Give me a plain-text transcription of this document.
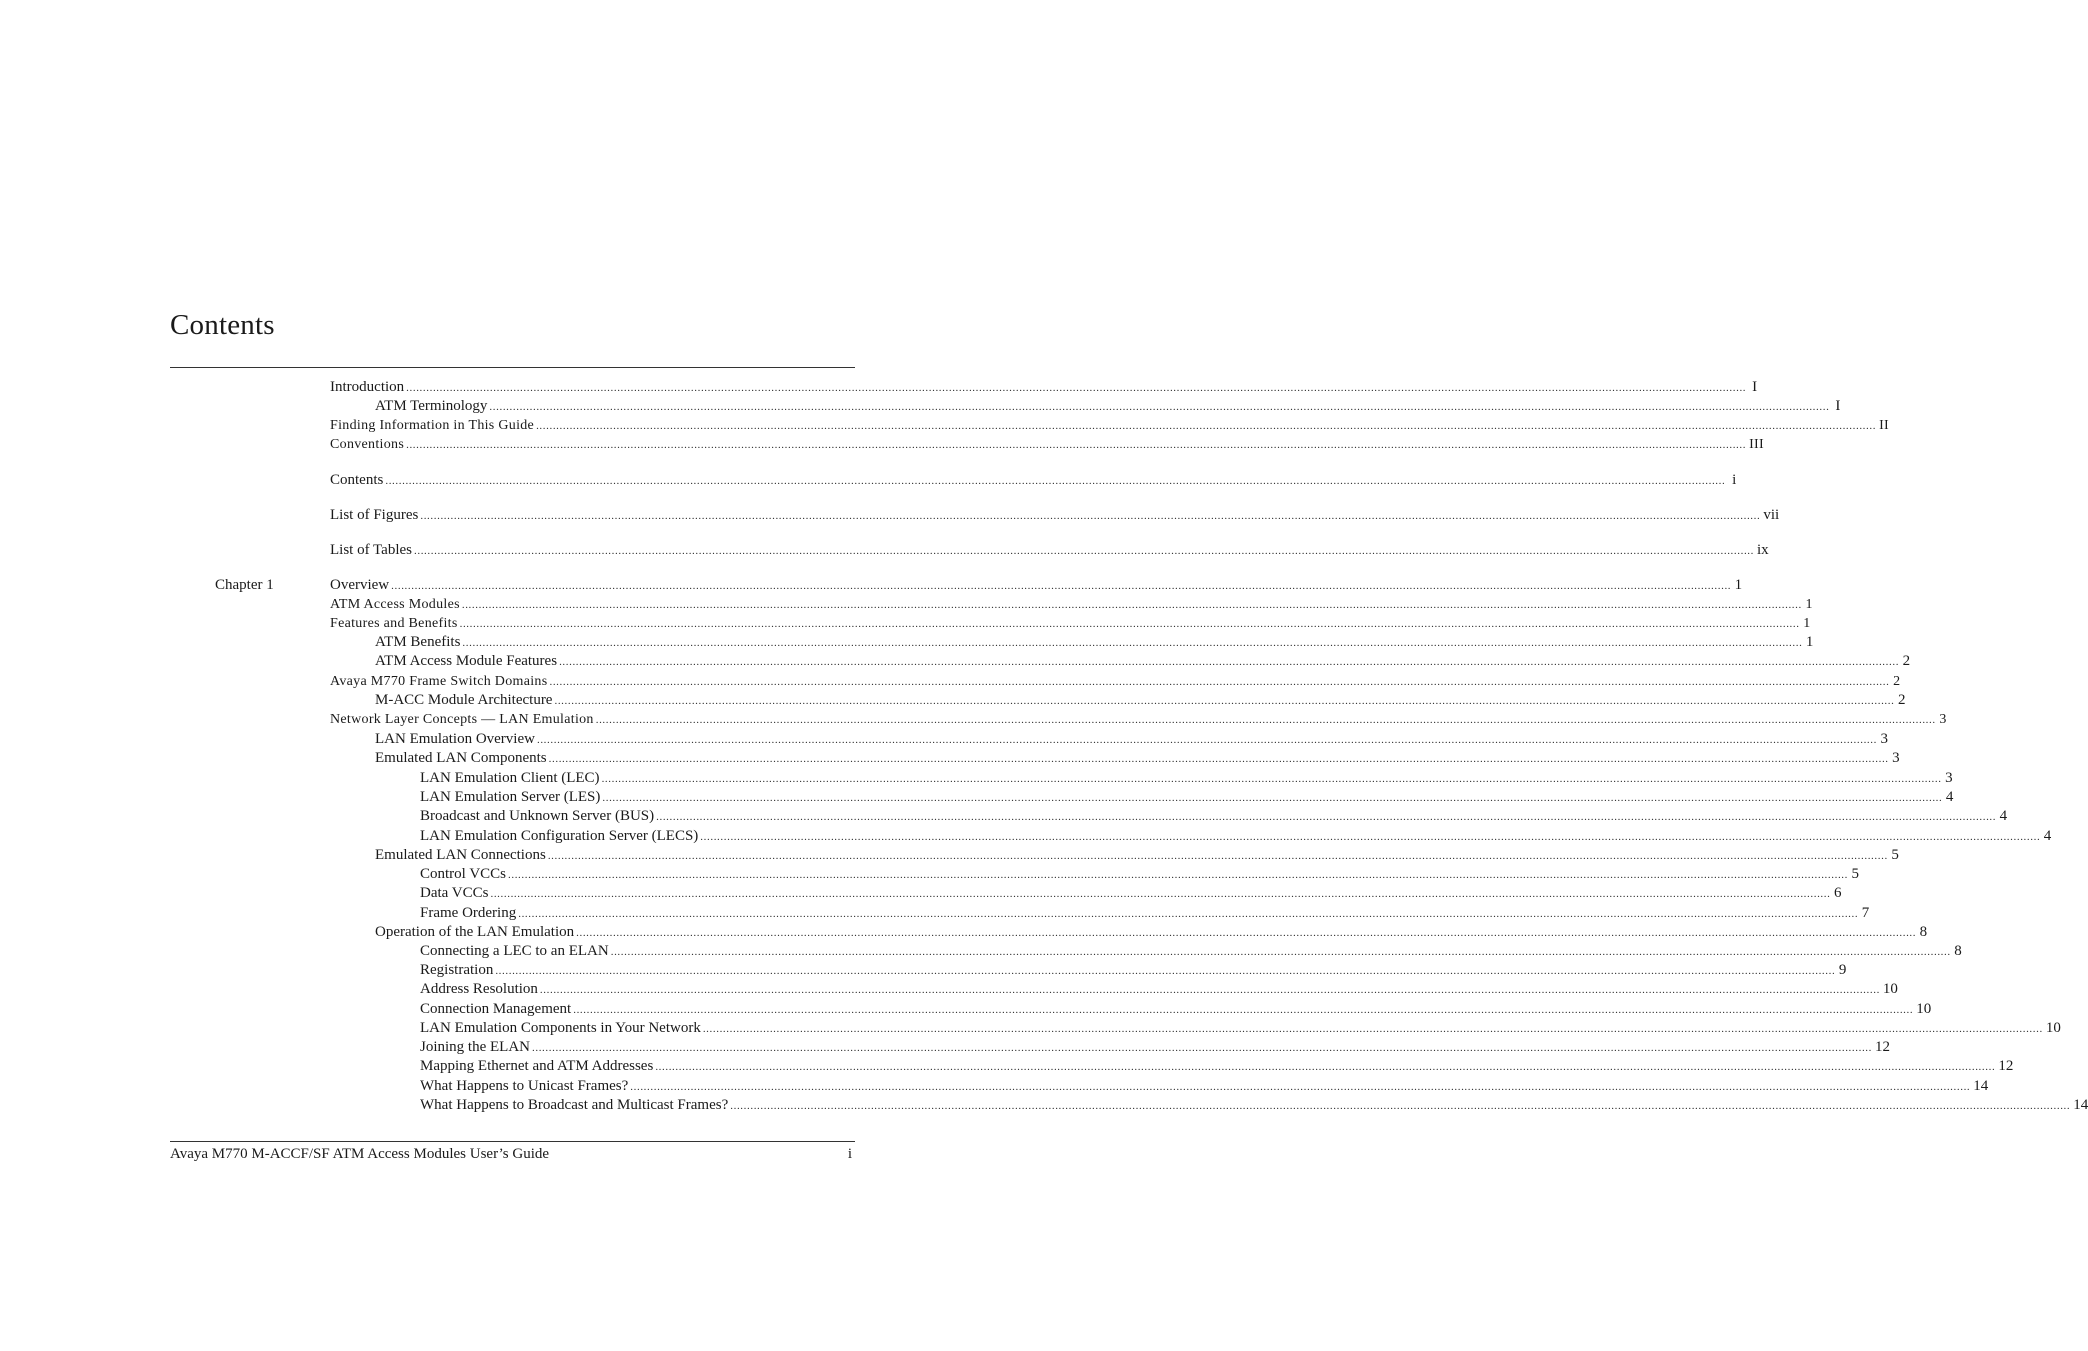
Contents
Introduction ................................................................................................................................................................................................................................................................................................................................................................................................................ I
ATM Terminology ................................................................................................................................................................................................................................................................................................................................................................................................................ I
Finding Information in This Guide ................................................................................................................................................................................................................................................................................................................................................................................................................ II
Conventions ................................................................................................................................................................................................................................................................................................................................................................................................................ III
Contents ................................................................................................................................................................................................................................................................................................................................................................................................................ i
List of Figures ................................................................................................................................................................................................................................................................................................................................................................................................................ vii
List of Tables ................................................................................................................................................................................................................................................................................................................................................................................................................ ix
Chapter 1	Overview ................................................................................................................................................................................................................................................................................................................................................................................................................ 1
ATM Access Modules ................................................................................................................................................................................................................................................................................................................................................................................................................ 1
Features and Benefits ................................................................................................................................................................................................................................................................................................................................................................................................................ 1
ATM Benefits ................................................................................................................................................................................................................................................................................................................................................................................................................ 1
ATM Access Module Features ................................................................................................................................................................................................................................................................................................................................................................................................................ 2
Avaya M770 Frame Switch Domains ................................................................................................................................................................................................................................................................................................................................................................................................................ 2
M-ACC Module Architecture ................................................................................................................................................................................................................................................................................................................................................................................................................ 2
Network Layer Concepts — LAN Emulation ................................................................................................................................................................................................................................................................................................................................................................................................................ 3
LAN Emulation Overview ................................................................................................................................................................................................................................................................................................................................................................................................................ 3
Emulated LAN Components ................................................................................................................................................................................................................................................................................................................................................................................................................ 3
LAN Emulation Client (LEC) ................................................................................................................................................................................................................................................................................................................................................................................................................ 3
LAN Emulation Server (LES) ................................................................................................................................................................................................................................................................................................................................................................................................................ 4
Broadcast and Unknown Server (BUS) ................................................................................................................................................................................................................................................................................................................................................................................................................ 4
LAN Emulation Configuration Server (LECS) ................................................................................................................................................................................................................................................................................................................................................................................................................ 4
Emulated LAN Connections ................................................................................................................................................................................................................................................................................................................................................................................................................ 5
Control VCCs ................................................................................................................................................................................................................................................................................................................................................................................................................ 5
Data VCCs ................................................................................................................................................................................................................................................................................................................................................................................................................ 6
Frame Ordering ................................................................................................................................................................................................................................................................................................................................................................................................................ 7
Operation of the LAN Emulation ................................................................................................................................................................................................................................................................................................................................................................................................................ 8
Connecting a LEC to an ELAN ................................................................................................................................................................................................................................................................................................................................................................................................................ 8
Registration ................................................................................................................................................................................................................................................................................................................................................................................................................ 9
Address Resolution ................................................................................................................................................................................................................................................................................................................................................................................................................ 10
Connection Management ................................................................................................................................................................................................................................................................................................................................................................................................................ 10
LAN Emulation Components in Your Network ................................................................................................................................................................................................................................................................................................................................................................................................................ 10
Joining the ELAN ................................................................................................................................................................................................................................................................................................................................................................................................................ 12
Mapping Ethernet and ATM Addresses ................................................................................................................................................................................................................................................................................................................................................................................................................ 12
What Happens to Unicast Frames? ................................................................................................................................................................................................................................................................................................................................................................................................................ 14
What Happens to Broadcast and Multicast Frames? ................................................................................................................................................................................................................................................................................................................................................................................................................ 14
Avaya M770 M-ACCF/SF ATM Access Modules User’s Guide	i
